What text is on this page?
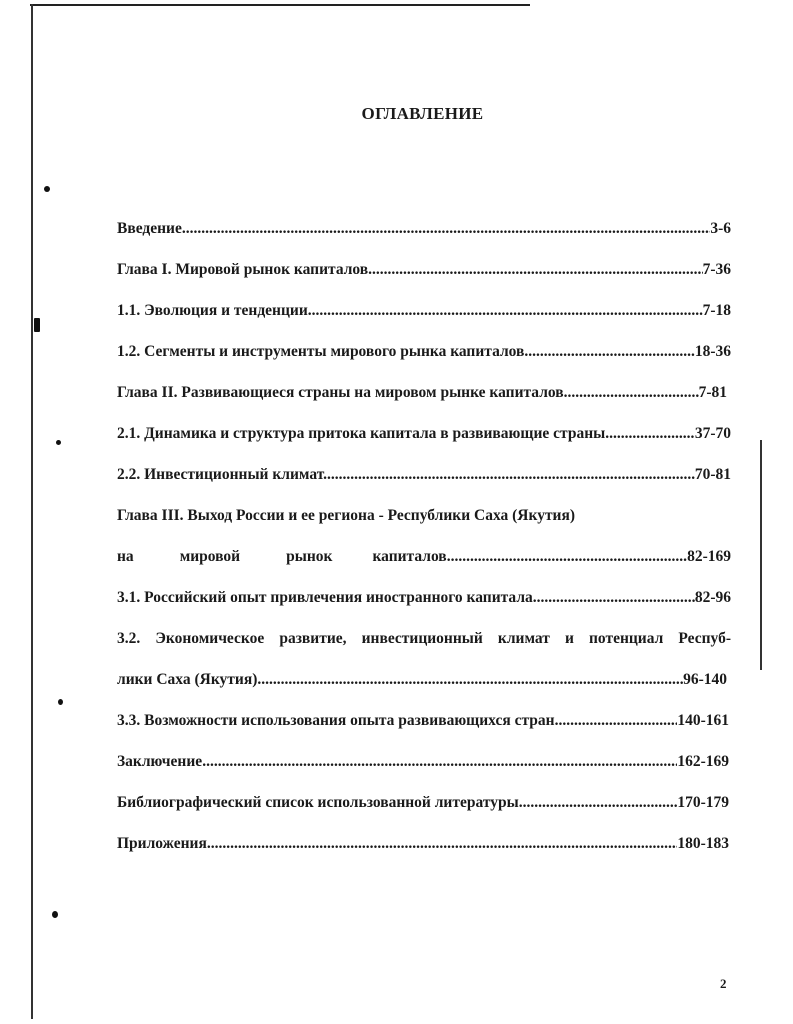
ОГЛАВЛЕНИЕ
Введение .....	3-6
Глава I. Мировой рынок капиталов .....	7-36
1.1. Эволюция и тенденции .....	7-18
1.2. Сегменты и инструменты мирового рынка капиталов .....	18-36
Глава II. Развивающиеся страны на мировом рынке капиталов .....	7-81
2.1. Динамика и структура притока капитала в развивающие страны .....	37-70
2.2. Инвестиционный климат. .....	70-81
Глава III. Выход России и ее региона - Республики Саха (Якутия)
на	мировой	рынок	капиталов .....	82-169
3.1. Российский опыт привлечения иностранного капитала .....	82-96
3.2. Экономическое развитие, инвестиционный климат и потенциал Респуб-
лики Саха (Якутия) .....	96-140
3.3. Возможности использования опыта развивающихся стран .....	140-161
Заключение .....	162-169
Библиографический список использованной литературы .....	170-179
Приложения .....	180-183
2
